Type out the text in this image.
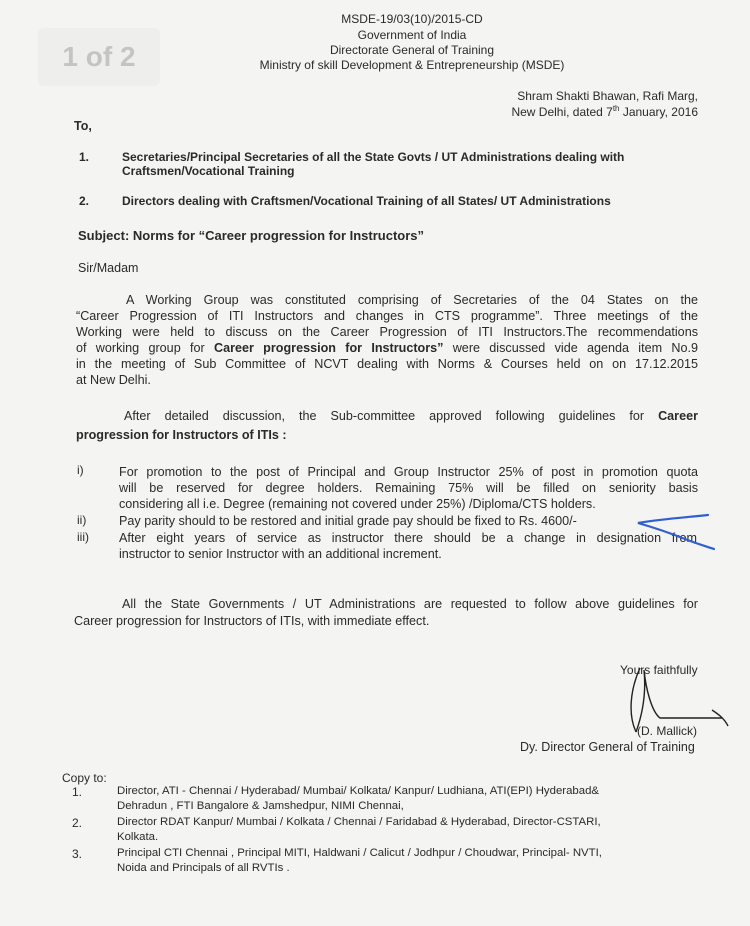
1 of 2
MSDE-19/03(10)/2015-CD
Government of India
Directorate General of Training
Ministry of skill Development & Entrepreneurship (MSDE)
Shram Shakti Bhawan, Rafi Marg,
New Delhi, dated 7th January, 2016
To,
1.	Secretaries/Principal Secretaries of all the State Govts / UT Administrations dealing with
Craftsmen/Vocational Training
2.	Directors dealing with Craftsmen/Vocational Training of all States/ UT Administrations
Subject: Norms for “Career progression for Instructors”
Sir/Madam
A Working Group was constituted comprising of Secretaries of the 04 States on the
“Career Progression of ITI Instructors and changes in CTS programme”. Three meetings of the
Working were held to discuss on the Career Progression of ITI Instructors.The recommendations
of working group for Career progression for Instructors” were discussed vide agenda item No.9
in the meeting of Sub Committee of NCVT dealing with Norms & Courses held on on 17.12.2015
at New Delhi.
After detailed discussion, the Sub-committee approved following guidelines for Career
progression for Instructors of ITIs :
i)	For promotion to the post of Principal and Group Instructor 25% of post in promotion quota
will be reserved for degree holders. Remaining 75% will be filled on seniority basis
considering all i.e. Degree (remaining not covered under 25%) /Diploma/CTS holders.
ii)	Pay parity should to be restored and initial grade pay should be fixed to Rs. 4600/-
iii) After eight years of service as instructor there should be a change in designation from
instructor to senior Instructor with an additional increment.
All the State Governments / UT Administrations are requested to follow above guidelines for
Career progression for Instructors of ITIs, with immediate effect.
Yours faithfully
(D. Mallick)
Dy. Director General of Training
Copy to:
1.	Director, ATI - Chennai / Hyderabad/ Mumbai/ Kolkata/ Kanpur/ Ludhiana, ATI(EPI) Hyderabad&
Dehradun , FTI Bangalore & Jamshedpur, NIMI Chennai,
2.	Director RDAT Kanpur/ Mumbai / Kolkata / Chennai / Faridabad & Hyderabad, Director-CSTARI,
Kolkata.
3.	Principal CTI Chennai , Principal MITI, Haldwani / Calicut / Jodhpur / Choudwar, Principal- NVTI,
Noida and Principals of all RVTIs .
